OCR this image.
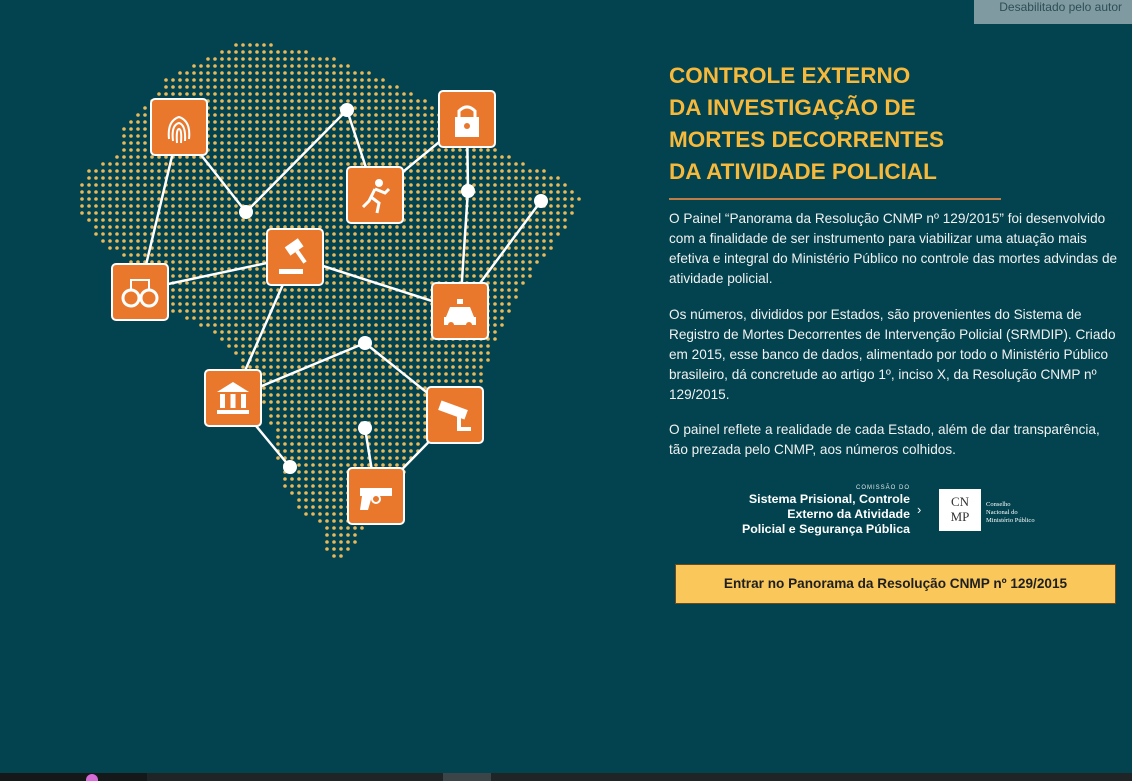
Desabilitado pelo autor
CONTROLE EXTERNO
DA INVESTIGAÇÃO DE
MORTES DECORRENTES
DA ATIVIDADE POLICIAL

O Painel “Panorama da Resolução CNMP nº 129/2015” foi desenvolvido com a finalidade de ser instrumento para viabilizar uma atuação mais efetiva e integral do Ministério Público no controle das mortes advindas de atividade policial.

Os números, divididos por Estados, são provenientes do Sistema de Registro de Mortes Decorrentes de Intervenção Policial (SRMDIP). Criado em 2015, esse banco de dados, alimentado por todo o Ministério Público brasileiro, dá concretude ao artigo 1º, inciso X, da Resolução CNMP nº 129/2015.

O painel reflete a realidade de cada Estado, além de dar transparência, tão prezada pelo CNMP, aos números colhidos.

COMISSÃO DO
Sistema Prisional, Controle
Externo da Atividade
Policial e Segurança Pública
›
CN
MP
Conselho
Nacional do
Ministério Público
Entrar no Panorama da Resolução CNMP nº 129/2015
